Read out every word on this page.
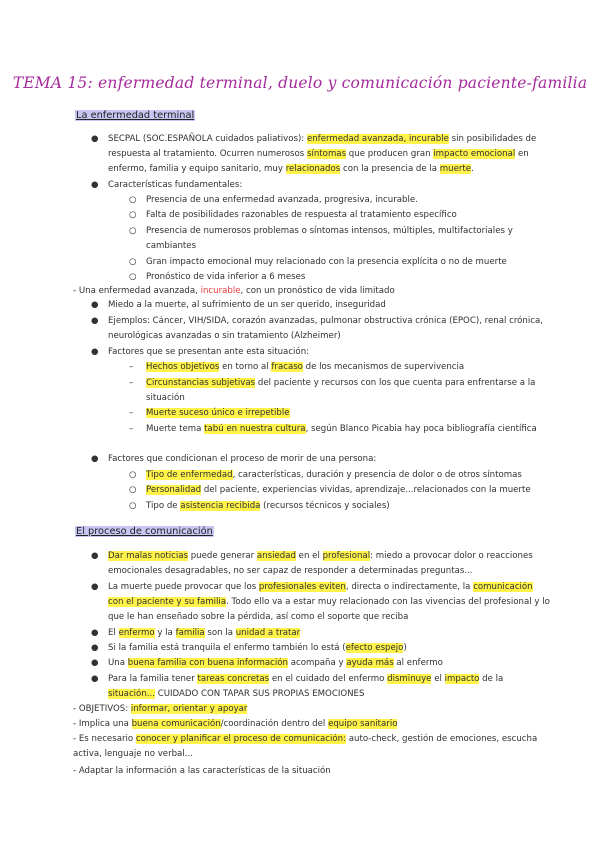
TEMA 15: enfermedad terminal, duelo y comunicación paciente-familia
La enfermedad terminal
● SECPAL (SOC.ESPAÑOLA cuidados paliativos): enfermedad avanzada, incurable sin posibilidades de
respuesta al tratamiento. Ocurren numerosos síntomas que producen gran impacto emocional en
enfermo, familia y equipo sanitario, muy relacionados con la presencia de la muerte.
● Características fundamentales:
○ Presencia de una enfermedad avanzada, progresiva, incurable.
○ Falta de posibilidades razonables de respuesta al tratamiento específico
○ Presencia de numerosos problemas o síntomas intensos, múltiples, multifactoriales y
cambiantes
○ Gran impacto emocional muy relacionado con la presencia explícita o no de muerte
○ Pronóstico de vida inferior a 6 meses
- Una enfermedad avanzada, incurable, con un pronóstico de vida limitado
● Miedo a la muerte, al sufrimiento de un ser querido, inseguridad
● Ejemplos: Cáncer, VIH/SIDA, corazón avanzadas, pulmonar obstructiva crónica (EPOC), renal crónica,
neurológicas avanzadas o sin tratamiento (Alzheimer)
● Factores que se presentan ante esta situación:
– Hechos objetivos en torno al fracaso de los mecanismos de supervivencia
– Circunstancias subjetivas del paciente y recursos con los que cuenta para enfrentarse a la
situación
– Muerte suceso único e irrepetible
– Muerte tema tabú en nuestra cultura, según Blanco Picabia hay poca bibliografía científica
● Factores que condicionan el proceso de morir de una persona:
○ Tipo de enfermedad, características, duración y presencia de dolor o de otros síntomas
○ Personalidad del paciente, experiencias vividas, aprendizaje...relacionados con la muerte
○ Tipo de asistencia recibida (recursos técnicos y sociales)
El proceso de comunicación
● Dar malas noticias puede generar ansiedad en el profesional: miedo a provocar dolor o reacciones
emocionales desagradables, no ser capaz de responder a determinadas preguntas...
● La muerte puede provocar que los profesionales eviten, directa o indirectamente, la comunicación
con el paciente y su familia. Todo ello va a estar muy relacionado con las vivencias del profesional y lo
que le han enseñado sobre la pérdida, así como el soporte que reciba
● El enfermo y la familia son la unidad a tratar
● Si la familia está tranquila el enfermo también lo está (efecto espejo)
● Una buena familia con buena información acompaña y ayuda más al enfermo
● Para la familia tener tareas concretas en el cuidado del enfermo disminuye el impacto de la
situación... CUIDADO CON TAPAR SUS PROPIAS EMOCIONES
- OBJETIVOS: informar, orientar y apoyar
- Implica una buena comunicación/coordinación dentro del equipo sanitario
- Es necesario conocer y planificar el proceso de comunicación: auto-check, gestión de emociones, escucha
activa, lenguaje no verbal...
- Adaptar la información a las características de la situación
